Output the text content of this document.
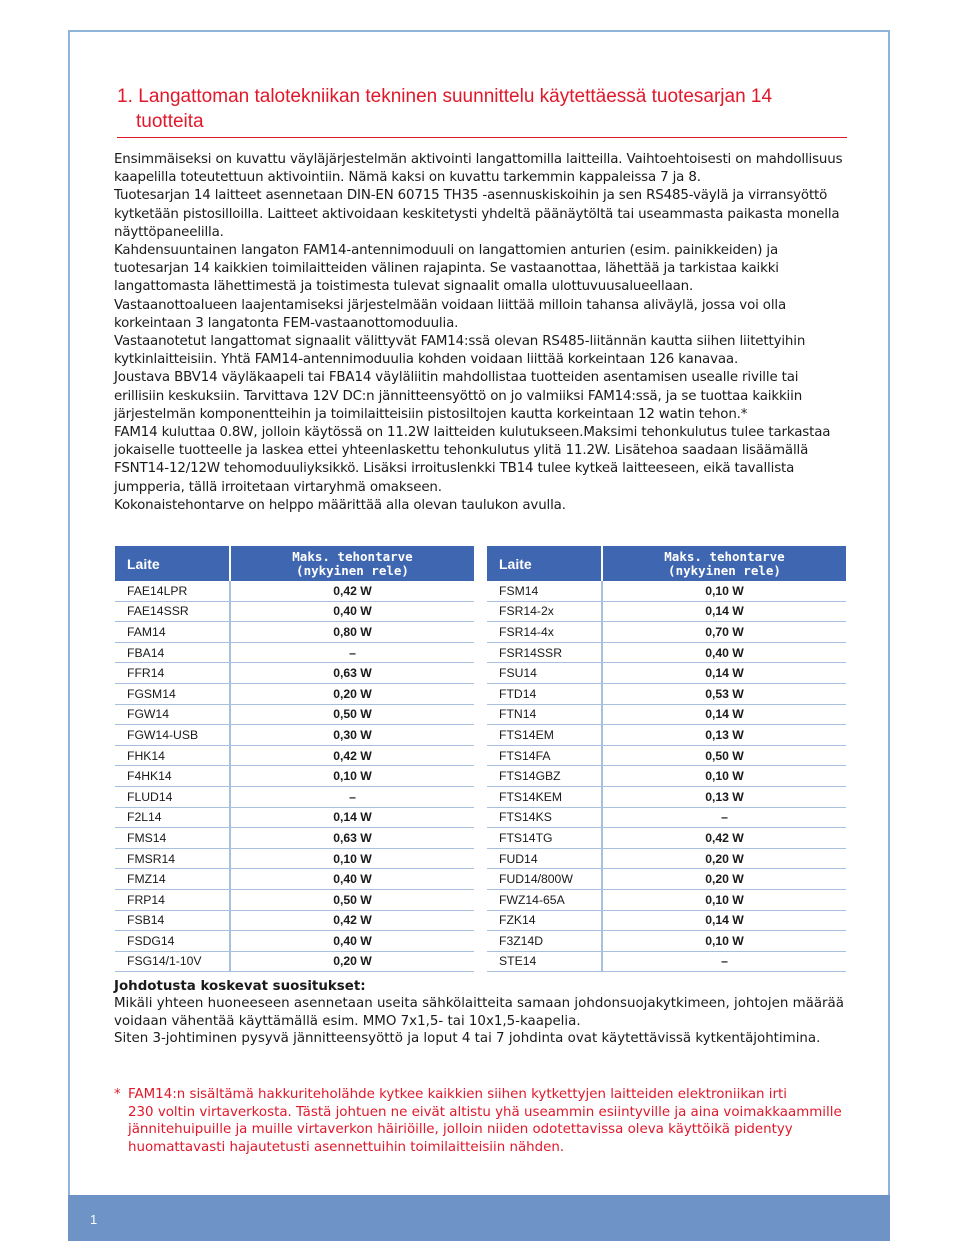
1. Langattoman talotekniikan tekninen suunnittelu käytettäessä tuotesarjan 14
tuotteita

Ensimmäiseksi on kuvattu väyläjärjestelmän aktivointi langattomilla laitteilla. Vaihtoehtoisesti on mahdollisuus kaapelilla toteutettuun aktivointiin. Nämä kaksi on kuvattu tarkemmin kappaleissa 7 ja 8.

Tuotesarjan 14 laitteet asennetaan DIN-EN 60715 TH35 -asennuskiskoihin ja sen RS485-väylä ja virransyöttö kytketään pistosilloilla. Laitteet aktivoidaan keskitetysti yhdeltä päänäytöltä tai useammasta paikasta monella näyttöpaneelilla.

Kahdensuuntainen langaton FAM14-antennimoduuli on langattomien anturien (esim. painikkeiden) ja tuotesarjan 14 kaikkien toimilaitteiden välinen rajapinta. Se vastaanottaa, lähettää ja tarkistaa kaikki langattomasta lähettimestä ja toistimesta tulevat signaalit omalla ulottuvuusalueellaan.

Vastaanottoalueen laajentamiseksi järjestelmään voidaan liittää milloin tahansa aliväylä, jossa voi olla korkeintaan 3 langatonta FEM-vastaanottomoduulia.

Vastaanotetut langattomat signaalit välittyvät FAM14:ssä olevan RS485-liitännän kautta siihen liitettyihin kytkinlaitteisiin. Yhtä FAM14-antennimoduulia kohden voidaan liittää korkeintaan 126 kanavaa.

Joustava BBV14 väyläkaapeli tai FBA14 väyläliitin mahdollistaa tuotteiden asentamisen usealle riville tai erillisiin keskuksiin. Tarvittava 12V DC:n jännitteensyöttö on jo valmiiksi FAM14:ssä, ja se tuottaa kaikkiin järjestelmän komponentteihin ja toimilaitteisiin pistosiltojen kautta korkeintaan 12 watin tehon.*

FAM14 kuluttaa 0.8W, jolloin käytössä on 11.2W laitteiden kulutukseen.Maksimi tehonkulutus tulee tarkastaa jokaiselle tuotteelle ja laskea ettei yhteenlaskettu tehonkulutus ylitä 11.2W. Lisätehoa saadaan lisäämällä FSNT14-12/12W tehomoduuliyksikkö. Lisäksi irroituslenkki TB14 tulee kytkeä laitteeseen, eikä tavallista jumpperia, tällä irroitetaan virtaryhmä omakseen.

Kokonaistehontarve on helppo määrittää alla olevan taulukon avulla.

Laite	Maks. tehontarve
(nykyinen rele)
FAE14LPR	0,42 W
FAE14SSR	0,40 W
FAM14	0,80 W
FBA14	–
FFR14	0,63 W
FGSM14	0,20 W
FGW14	0,50 W
FGW14-USB	0,30 W
FHK14	0,42 W
F4HK14	0,10 W
FLUD14	–
F2L14	0,14 W
FMS14	0,63 W
FMSR14	0,10 W
FMZ14	0,40 W
FRP14	0,50 W
FSB14	0,42 W
FSDG14	0,40 W
FSG14/1-10V	0,20 W
Laite	Maks. tehontarve
(nykyinen rele)
FSM14	0,10 W
FSR14-2x	0,14 W
FSR14-4x	0,70 W
FSR14SSR	0,40 W
FSU14	0,14 W
FTD14	0,53 W
FTN14	0,14 W
FTS14EM	0,13 W
FTS14FA	0,50 W
FTS14GBZ	0,10 W
FTS14KEM	0,13 W
FTS14KS	–
FTS14TG	0,42 W
FUD14	0,20 W
FUD14/800W	0,20 W
FWZ14-65A	0,10 W
FZK14	0,14 W
F3Z14D	0,10 W
STE14	–

Johdotusta koskevat suositukset:

Mikäli yhteen huoneeseen asennetaan useita sähkölaitteita samaan johdonsuojakytkimeen, johtojen määrää voidaan vähentää käyttämällä esim. MMO 7x1,5- tai 10x1,5-kaapelia.

Siten 3-johtiminen pysyvä jännitteensyöttö ja loput 4 tai 7 johdinta ovat käytettävissä kytkentäjohtimina.

* FAM14:n sisältämä hakkuriteholähde kytkee kaikkien siihen kytkettyjen laitteiden elektroniikan irti
230 voltin virtaverkosta. Tästä johtuen ne eivät altistu yhä useammin esiintyville ja aina voimakkaammille jännitehuipuille ja muille virtaverkon häiriöille, jolloin niiden odotettavissa oleva käyttöikä pidentyy huomattavasti hajautetusti asennettuihin toimilaitteisiin nähden.
1
